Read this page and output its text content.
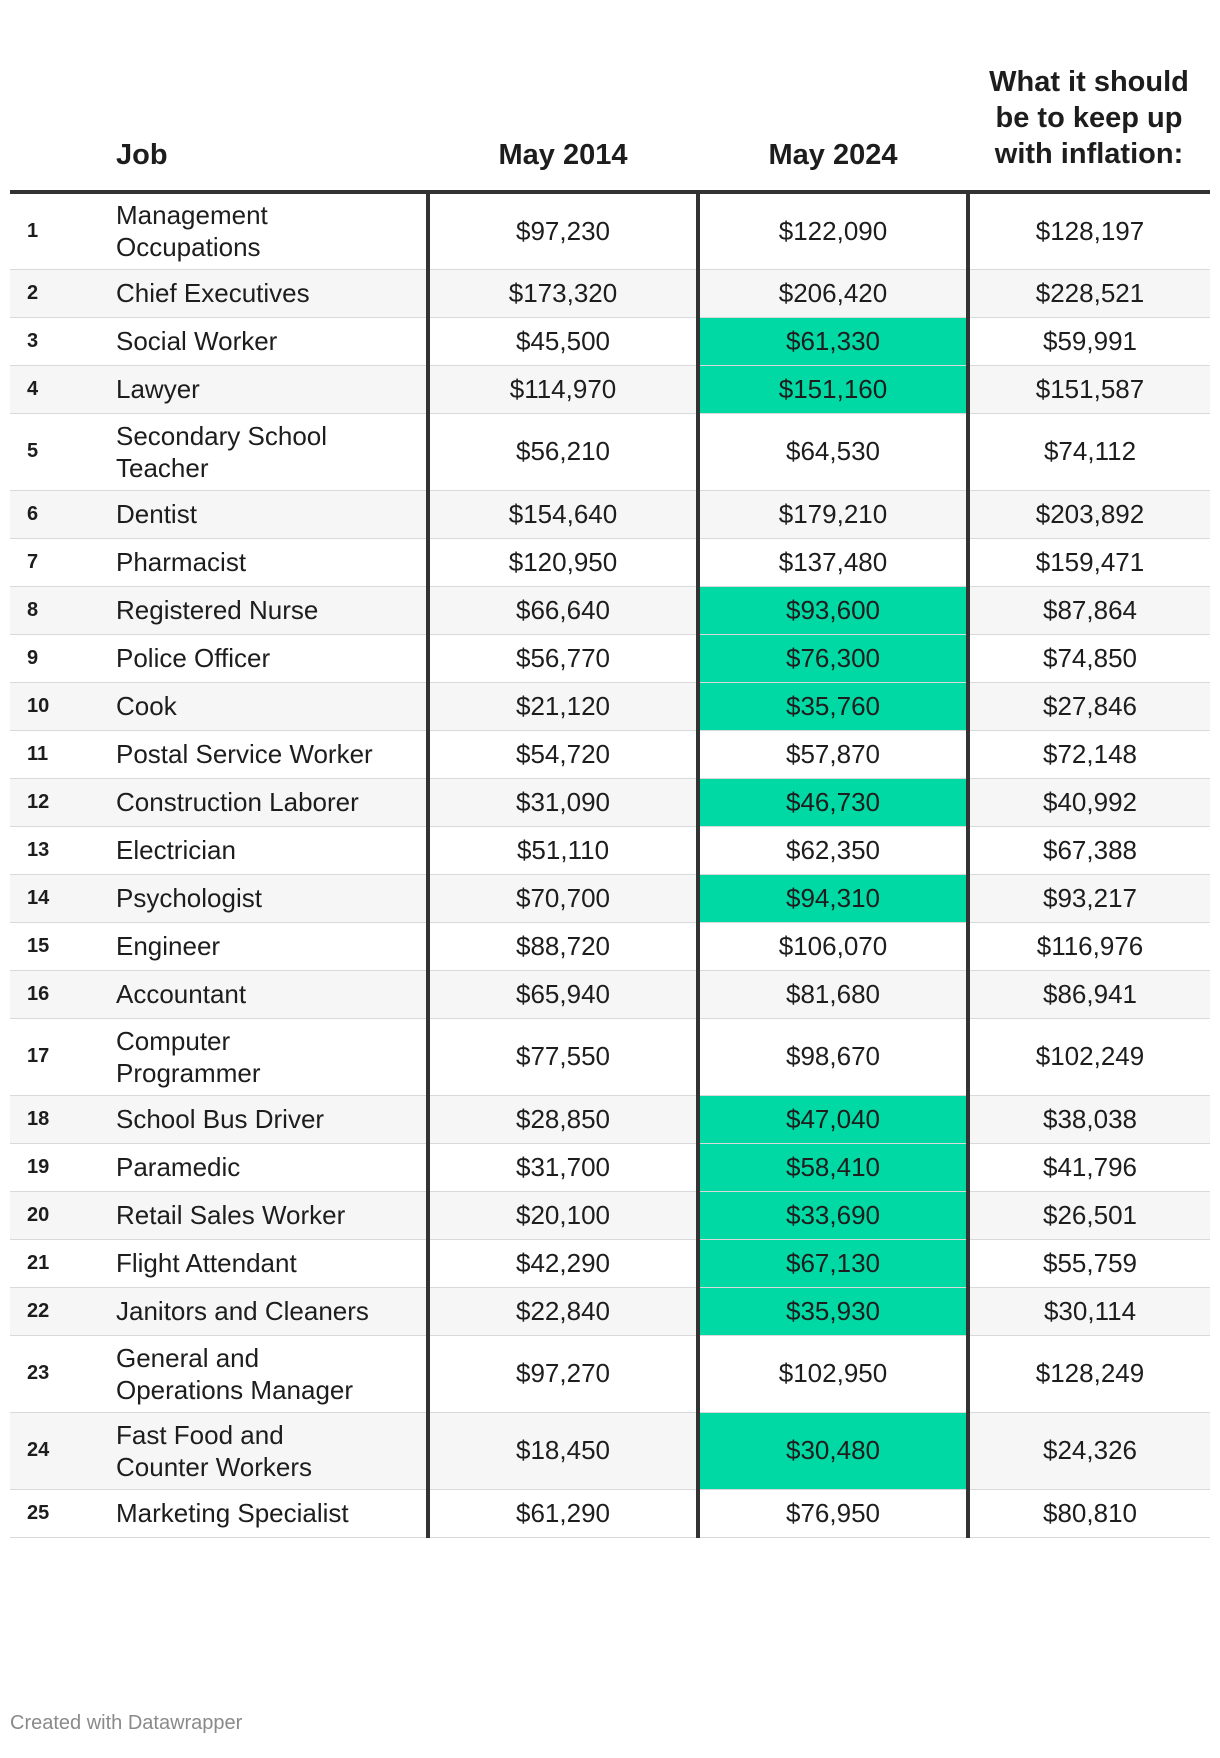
	Job	May 2014	May 2024	What it should
be to keep up
with inflation:

1	Management
Occupations	$97,230	$122,090	$128,197
2	Chief Executives	$173,320	$206,420	$228,521
3	Social Worker	$45,500	$61,330	$59,991
4	Lawyer	$114,970	$151,160	$151,587
5	Secondary School
Teacher	$56,210	$64,530	$74,112
6	Dentist	$154,640	$179,210	$203,892
7	Pharmacist	$120,950	$137,480	$159,471
8	Registered Nurse	$66,640	$93,600	$87,864
9	Police Officer	$56,770	$76,300	$74,850
10	Cook	$21,120	$35,760	$27,846
11	Postal Service Worker	$54,720	$57,870	$72,148
12	Construction Laborer	$31,090	$46,730	$40,992
13	Electrician	$51,110	$62,350	$67,388
14	Psychologist	$70,700	$94,310	$93,217
15	Engineer	$88,720	$106,070	$116,976
16	Accountant	$65,940	$81,680	$86,941
17	Computer
Programmer	$77,550	$98,670	$102,249
18	School Bus Driver	$28,850	$47,040	$38,038
19	Paramedic	$31,700	$58,410	$41,796
20	Retail Sales Worker	$20,100	$33,690	$26,501
21	Flight Attendant	$42,290	$67,130	$55,759
22	Janitors and Cleaners	$22,840	$35,930	$30,114
23	General and
Operations Manager	$97,270	$102,950	$128,249
24	Fast Food and
Counter Workers	$18,450	$30,480	$24,326
25	Marketing Specialist	$61,290	$76,950	$80,810
Created with Datawrapper
